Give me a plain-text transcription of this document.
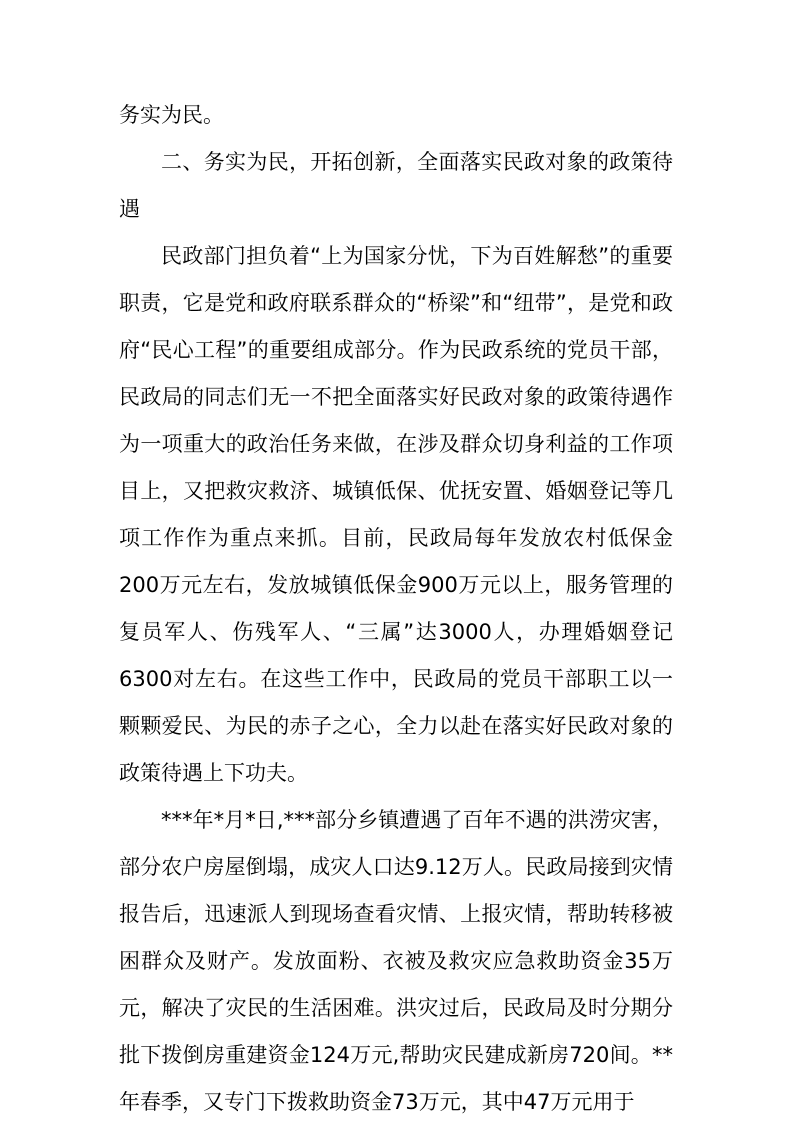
务实为民。

二、务实为民，开拓创新，全面落实民政对象的政策待遇

民政部门担负着“上为国家分忧，下为百姓解愁”的重要职责，它是党和政府联系群众的“桥梁”和“纽带”，是党和政府“民心工程”的重要组成部分。作为民政系统的党员干部，民政局的同志们无一不把全面落实好民政对象的政策待遇作为一项重大的政治任务来做，在涉及群众切身利益的工作项目上，又把救灾救济、城镇低保、优抚安置、婚姻登记等几项工作作为重点来抓。目前，民政局每年发放农村低保金200万元左右，发放城镇低保金900万元以上，服务管理的复员军人、伤残军人、“三属”达3000人，办理婚姻登记6300对左右。在这些工作中，民政局的党员干部职工以一颗颗爱民、为民的赤子之心，全力以赴在落实好民政对象的政策待遇上下功夫。

***年*月*日,***部分乡镇遭遇了百年不遇的洪涝灾害，部分农户房屋倒塌，成灾人口达9.12万人。民政局接到灾情报告后，迅速派人到现场查看灾情、上报灾情，帮助转移被困群众及财产。发放面粉、衣被及救灾应急救助资金35万元，解决了灾民的生活困难。洪灾过后，民政局及时分期分批下拨倒房重建资金124万元,帮助灾民建成新房720间。**年春季，又专门下拨救助资金73万元，其中47万元用于
